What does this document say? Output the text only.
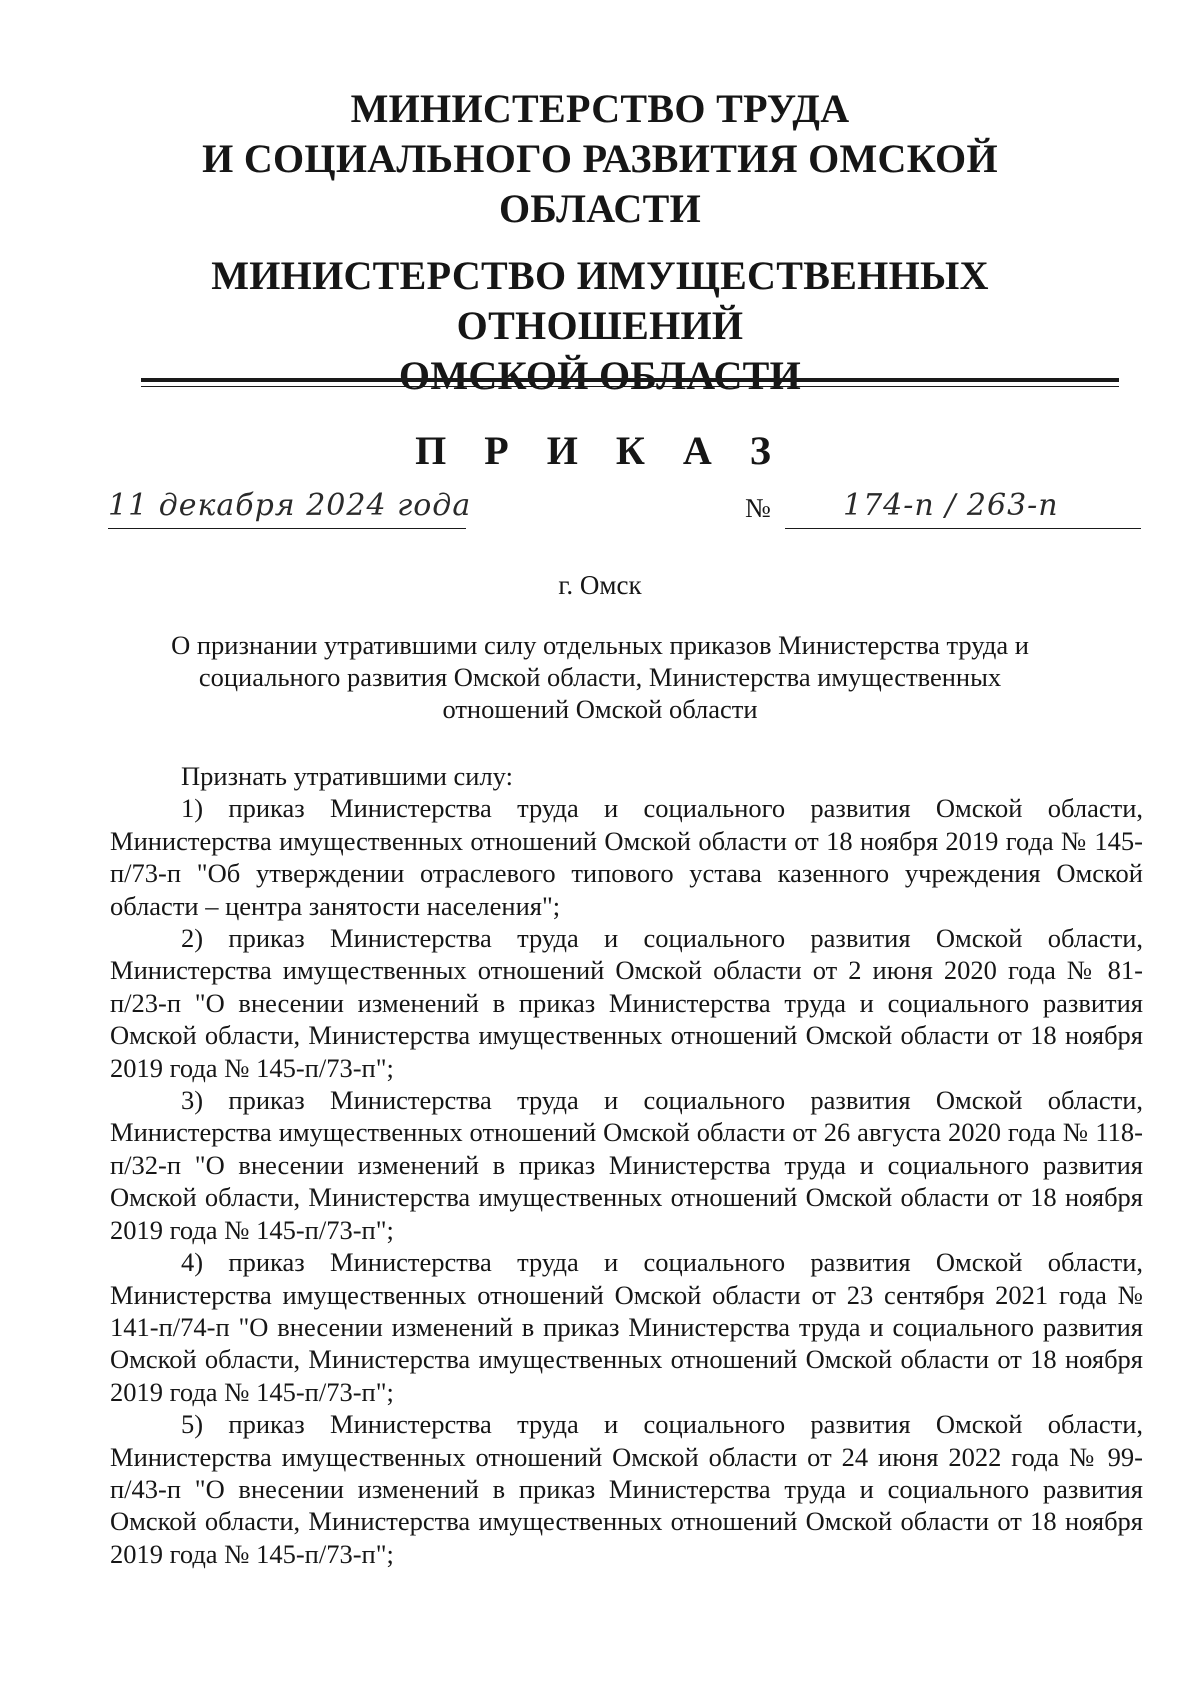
МИНИСТЕРСТВО ТРУДА
И СОЦИАЛЬНОГО РАЗВИТИЯ ОМСКОЙ ОБЛАСТИ
МИНИСТЕРСТВО ИМУЩЕСТВЕННЫХ ОТНОШЕНИЙ
ОМСКОЙ ОБЛАСТИ
П Р И К А З
11 декабря 2024 года	№ 174-п / 263-п

г. Омск

О признании утратившими силу отдельных приказов Министерства труда и
социального развития Омской области, Министерства имущественных
отношений Омской области

Признать утратившими силу:

1) приказ Министерства труда и социального развития Омской области, Министерства имущественных отношений Омской области от 18 ноября 2019 года № 145-п/73-п "Об утверждении отраслевого типового устава казенного учреждения Омской области – центра занятости населения";

2) приказ Министерства труда и социального развития Омской области, Министерства имущественных отношений Омской области от 2 июня 2020 года № 81-п/23-п "О внесении изменений в приказ Министерства труда и социального развития Омской области, Министерства имущественных отношений Омской области от 18 ноября 2019 года № 145-п/73-п";

3) приказ Министерства труда и социального развития Омской области, Министерства имущественных отношений Омской области от 26 августа 2020 года № 118-п/32-п "О внесении изменений в приказ Министерства труда и социального развития Омской области, Министерства имущественных отношений Омской области от 18 ноября 2019 года № 145-п/73-п";

4) приказ Министерства труда и социального развития Омской области, Министерства имущественных отношений Омской области от 23 сентября 2021 года № 141-п/74-п "О внесении изменений в приказ Министерства труда и социального развития Омской области, Министерства имущественных отношений Омской области от 18 ноября 2019 года № 145-п/73-п";

5) приказ Министерства труда и социального развития Омской области, Министерства имущественных отношений Омской области от 24 июня 2022 года № 99-п/43-п "О внесении изменений в приказ Министерства труда и социального развития Омской области, Министерства имущественных отношений Омской области от 18 ноября 2019 года № 145-п/73-п";
